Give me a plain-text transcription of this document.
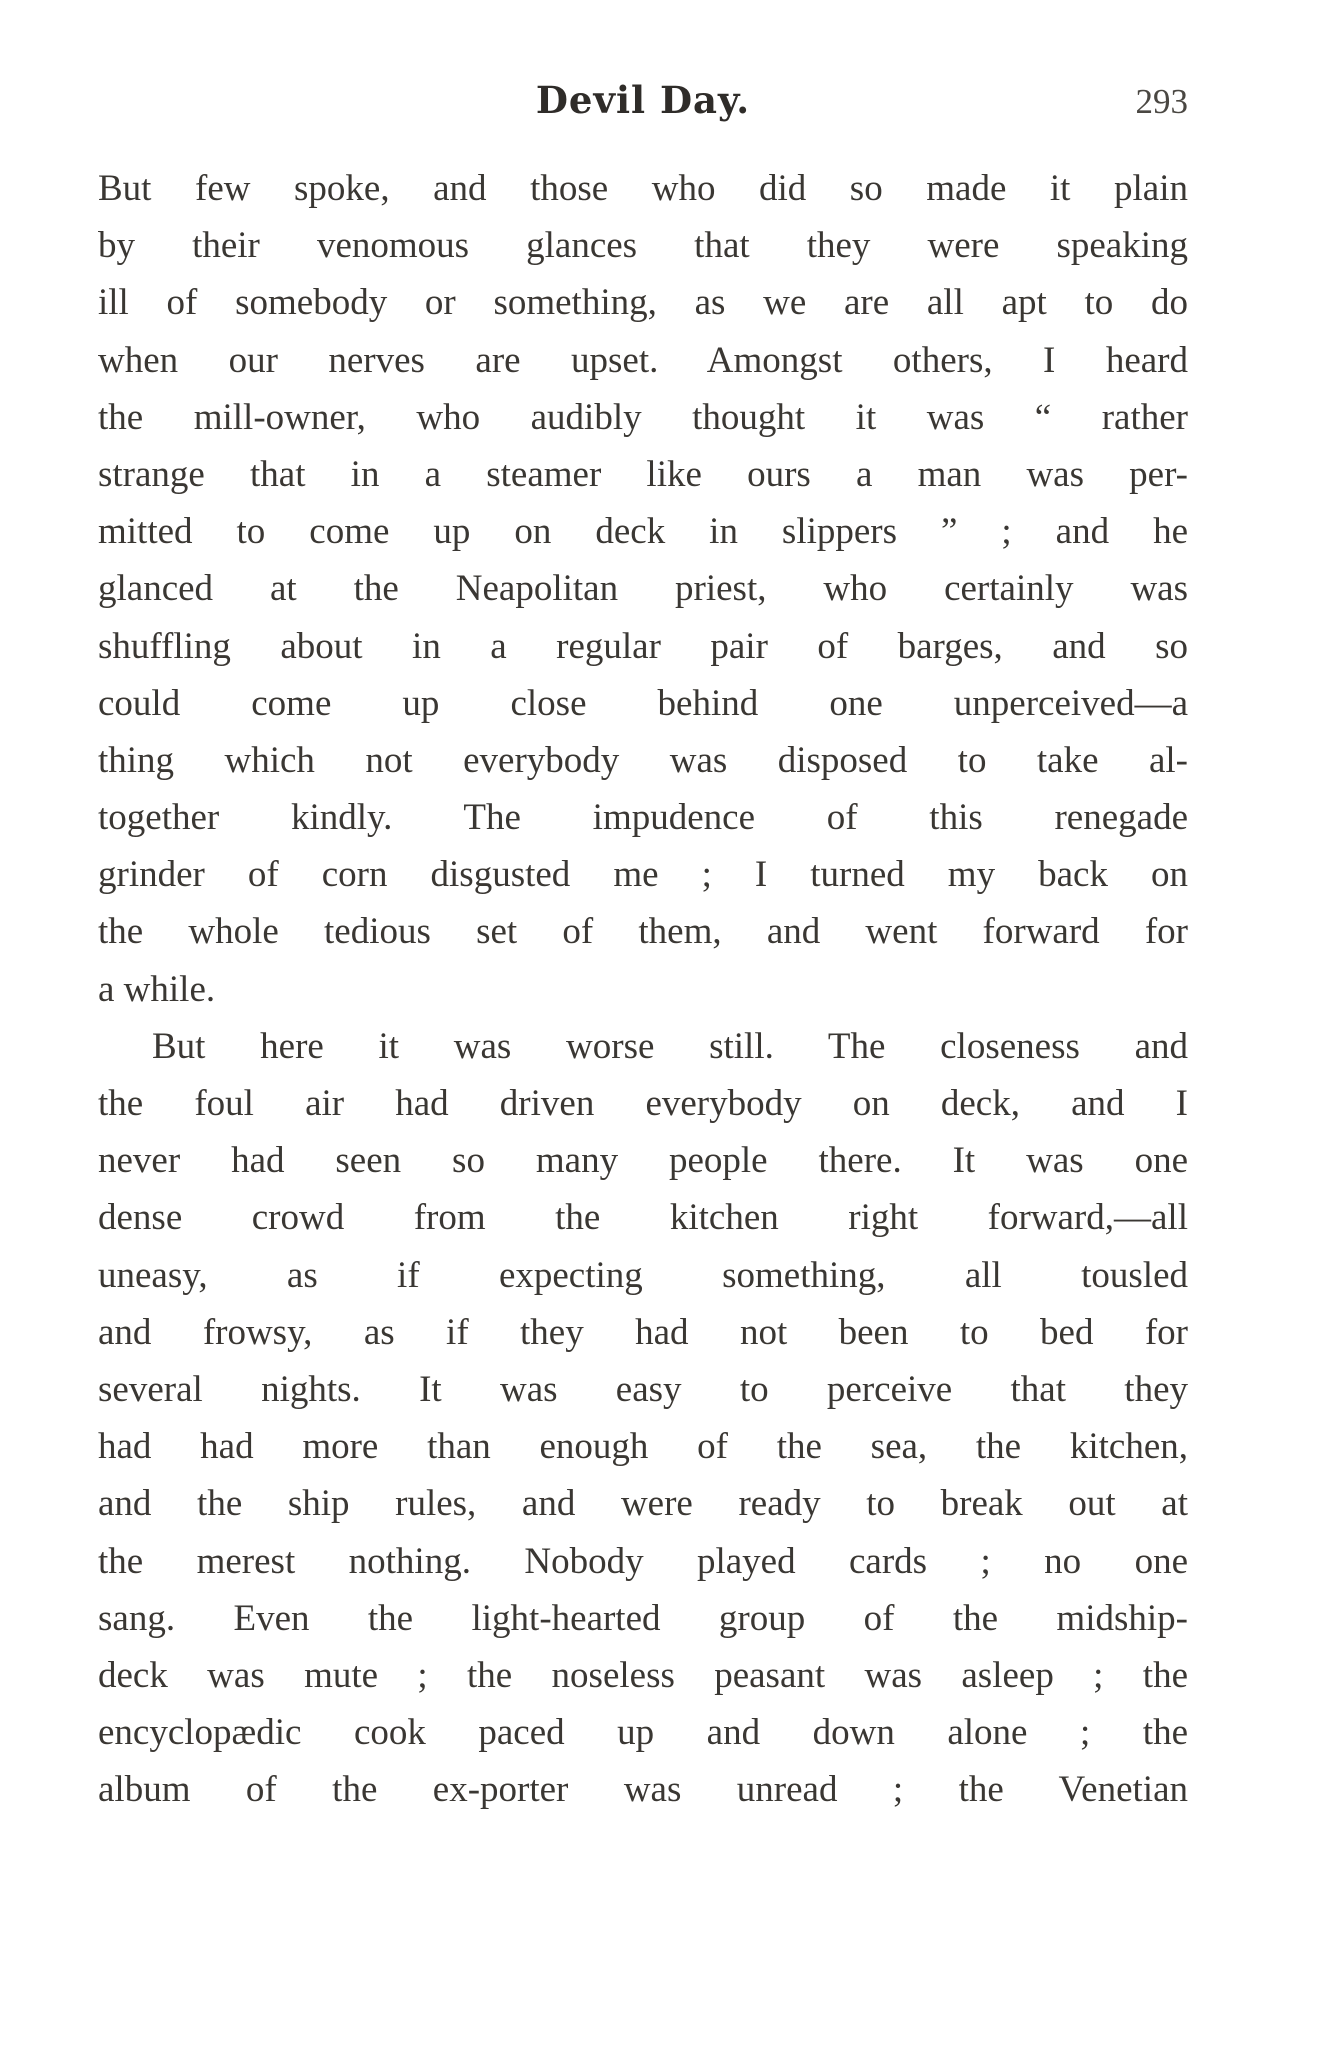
Devil Day.	293
But few spoke, and those who did so made it plain
by their venomous glances that they were speaking
ill of somebody or something, as we are all apt to do
when our nerves are upset. Amongst others, I heard
the mill-owner, who audibly thought it was “ rather
strange that in a steamer like ours a man was per-
mitted to come up on deck in slippers ” ; and he
glanced at the Neapolitan priest, who certainly was
shuffling about in a regular pair of barges, and so
could come up close behind one unperceived—a
thing which not everybody was disposed to take al-
together kindly. The impudence of this renegade
grinder of corn disgusted me ; I turned my back on
the whole tedious set of them, and went forward for
a while.
But here it was worse still. The closeness and
the foul air had driven everybody on deck, and I
never had seen so many people there. It was one
dense crowd from the kitchen right forward,—all
uneasy, as if expecting something, all tousled
and frowsy, as if they had not been to bed for
several nights. It was easy to perceive that they
had had more than enough of the sea, the kitchen,
and the ship rules, and were ready to break out at
the merest nothing. Nobody played cards ; no one
sang. Even the light-hearted group of the midship-
deck was mute ; the noseless peasant was asleep ; the
encyclopædic cook paced up and down alone ; the
album of the ex-porter was unread ; the Venetian
